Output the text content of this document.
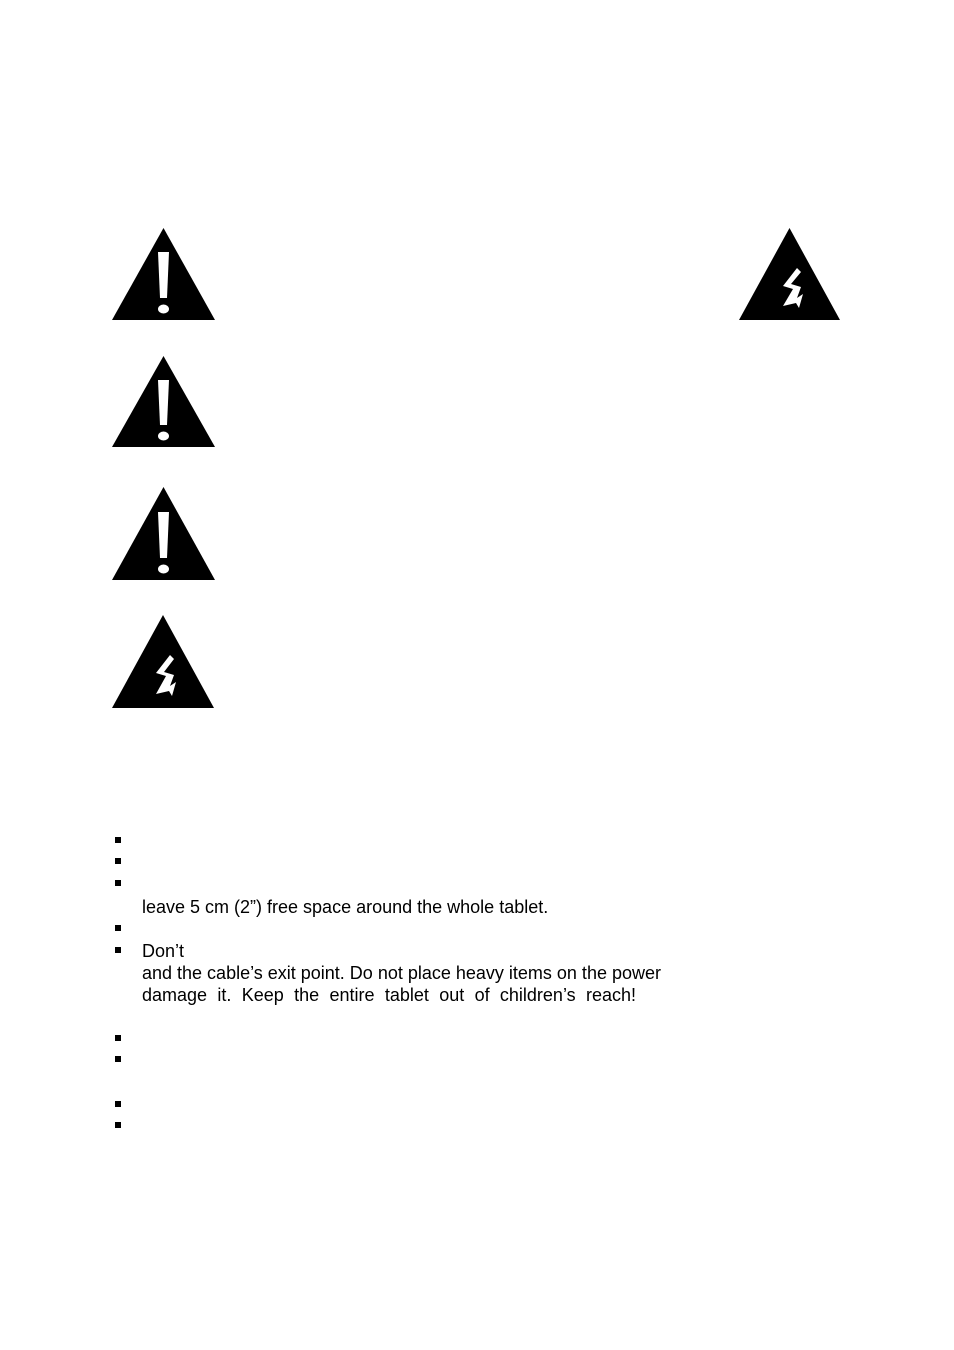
leave 5 cm (2”) free space around the whole tablet.
Don’t
and the cable’s exit point. Do not place heavy items on the power
damage it. Keep the entire tablet out of children’s reach!
